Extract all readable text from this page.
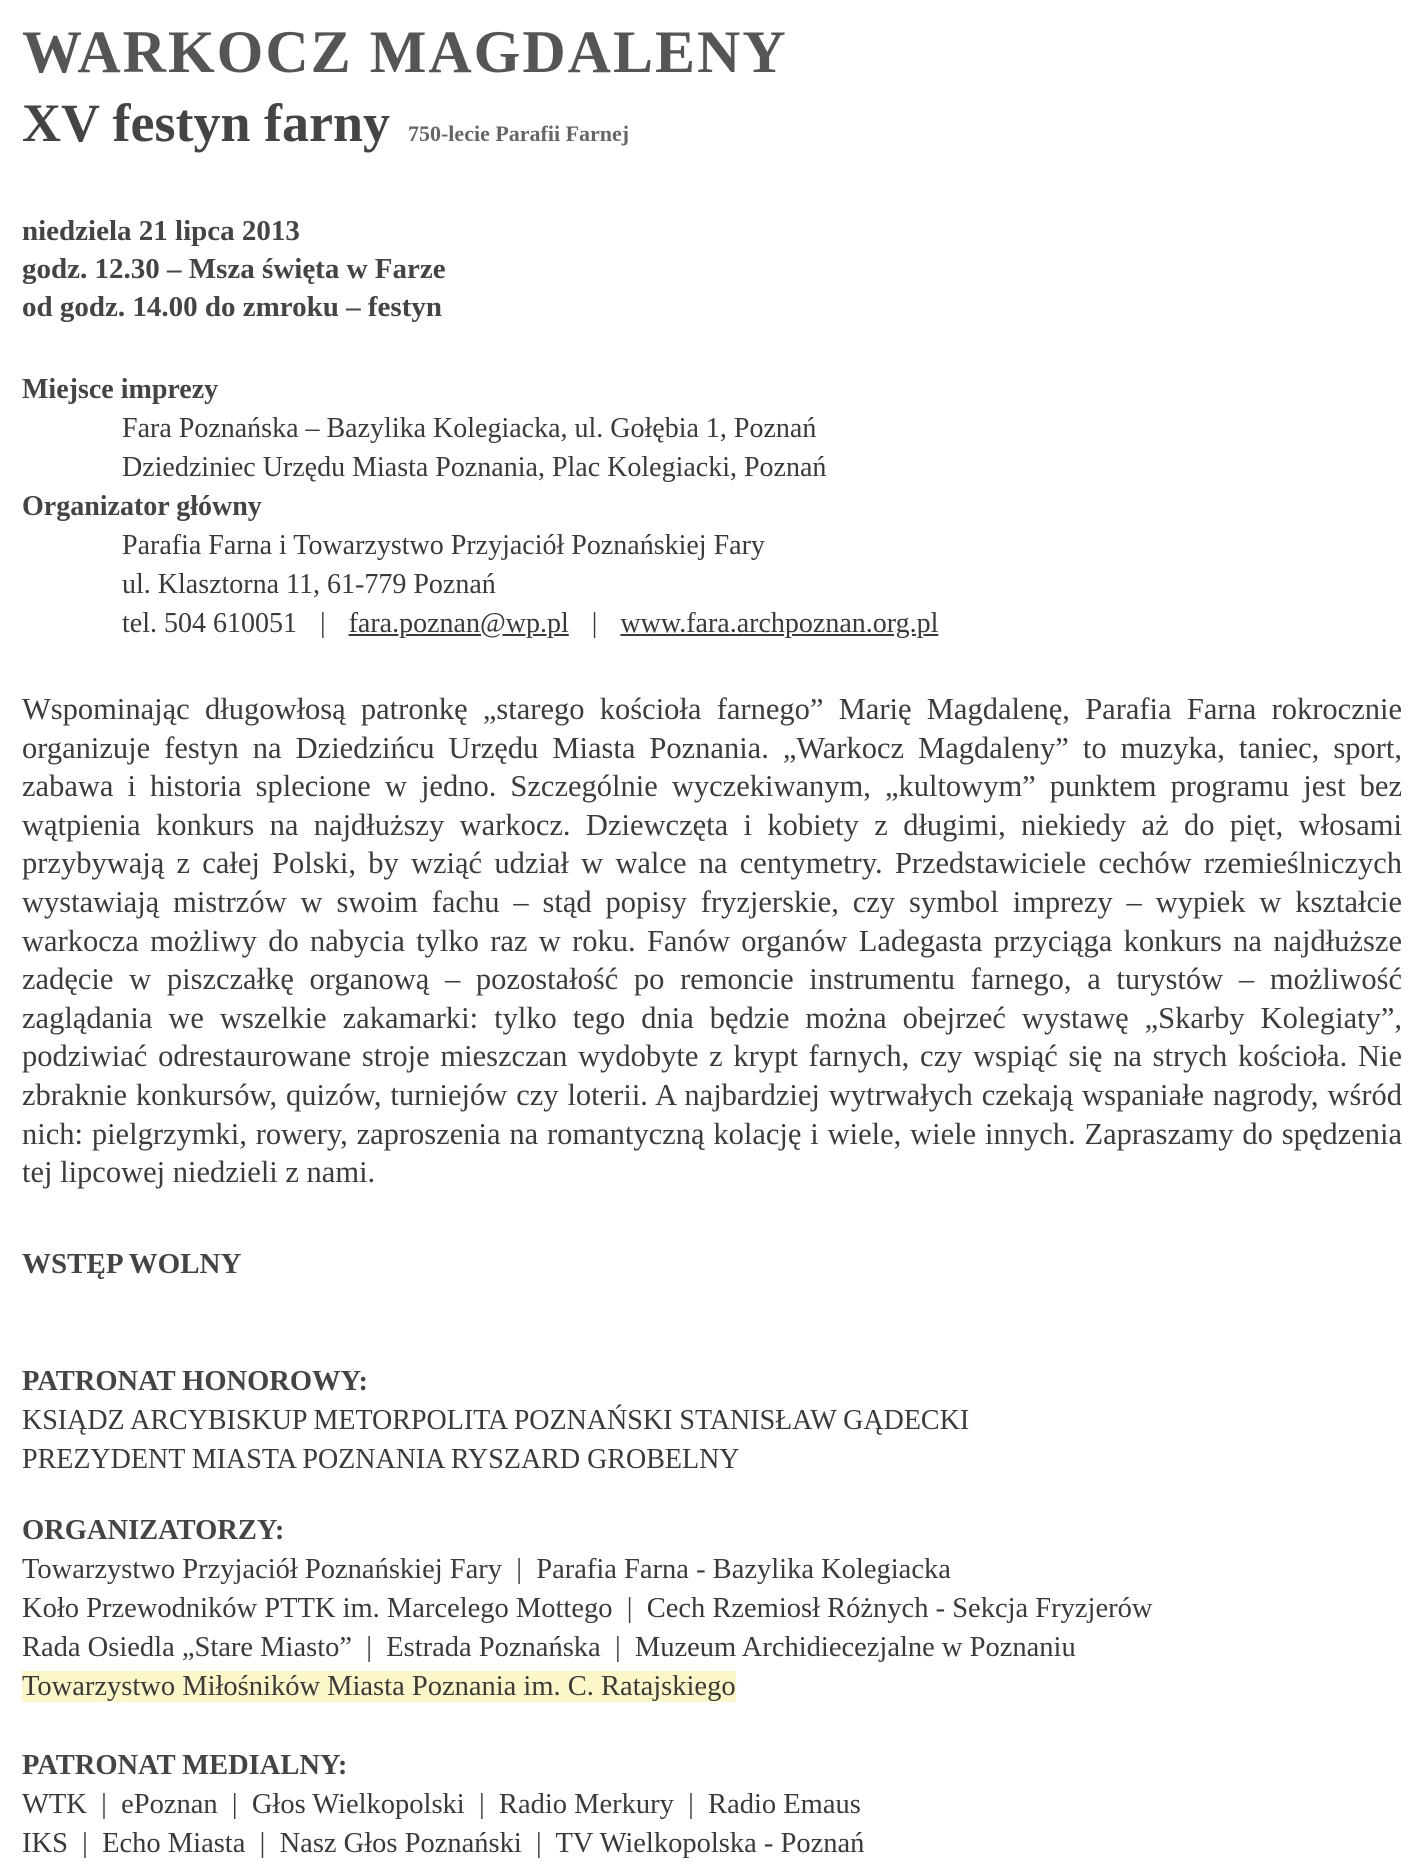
WARKOCZ MAGDALENY
XV festyn farny 750-lecie Parafii Farnej
niedziela 21 lipca 2013
godz. 12.30 – Msza święta w Farze
od godz. 14.00 do zmroku – festyn
Miejsce imprezy
Fara Poznańska – Bazylika Kolegiacka, ul. Gołębia 1, Poznań
Dziedziniec Urzędu Miasta Poznania, Plac Kolegiacki, Poznań
Organizator główny
Parafia Farna i Towarzystwo Przyjaciół Poznańskiej Fary
ul. Klasztorna 11, 61-779 Poznań
tel. 504 610051 | fara.poznan@wp.pl | www.fara.archpoznan.org.pl
Wspominając długowłosą patronkę „starego kościoła farnego” Marię Magdalenę, Parafia Farna rokrocznie organizuje festyn na Dziedzińcu Urzędu Miasta Poznania. „Warkocz Magdaleny” to muzyka, taniec, sport, zabawa i historia splecione w jedno. Szczególnie wyczekiwanym, „kultowym” punktem programu jest bez wątpienia konkurs na najdłuższy warkocz. Dziewczęta i kobiety z długimi, niekiedy aż do pięt, włosami przybywają z całej Polski, by wziąć udział w walce na centymetry. Przedstawiciele cechów rzemieślniczych wystawiają mistrzów w swoim fachu – stąd popisy fryzjerskie, czy symbol imprezy – wypiek w kształcie warkocza możliwy do nabycia tylko raz w roku. Fanów organów Ladegasta przyciąga konkurs na najdłuższe zadęcie w piszczałkę organową – pozostałość po remoncie instrumentu farnego, a turystów – możliwość zaglądania we wszelkie zakamarki: tylko tego dnia będzie można obejrzeć wystawę „Skarby Kolegiaty”, podziwiać odrestaurowane stroje mieszczan wydobyte z krypt farnych, czy wspiąć się na strych kościoła. Nie zbraknie konkursów, quizów, turniejów czy loterii. A najbardziej wytrwałych czekają wspaniałe nagrody, wśród nich: pielgrzymki, rowery, zaproszenia na romantyczną kolację i wiele, wiele innych. Zapraszamy do spędzenia tej lipcowej niedzieli z nami.
WSTĘP WOLNY
PATRONAT HONOROWY:
KSIĄDZ ARCYBISKUP METORPOLITA POZNAŃSKI STANISŁAW GĄDECKI
PREZYDENT MIASTA POZNANIA RYSZARD GROBELNY
ORGANIZATORZY:
Towarzystwo Przyjaciół Poznańskiej Fary  |  Parafia Farna - Bazylika Kolegiacka
Koło Przewodników PTTK im. Marcelego Mottego  |  Cech Rzemiosł Różnych - Sekcja Fryzjerów
Rada Osiedla „Stare Miasto”  |  Estrada Poznańska  |  Muzeum Archidiecezjalne w Poznaniu
Towarzystwo Miłośników Miasta Poznania im. C. Ratajskiego
PATRONAT MEDIALNY:
WTK  |  ePoznan  |  Głos Wielkopolski  |  Radio Merkury  |  Radio Emaus
IKS  |  Echo Miasta  |  Nasz Głos Poznański  |  TV Wielkopolska - Poznań
